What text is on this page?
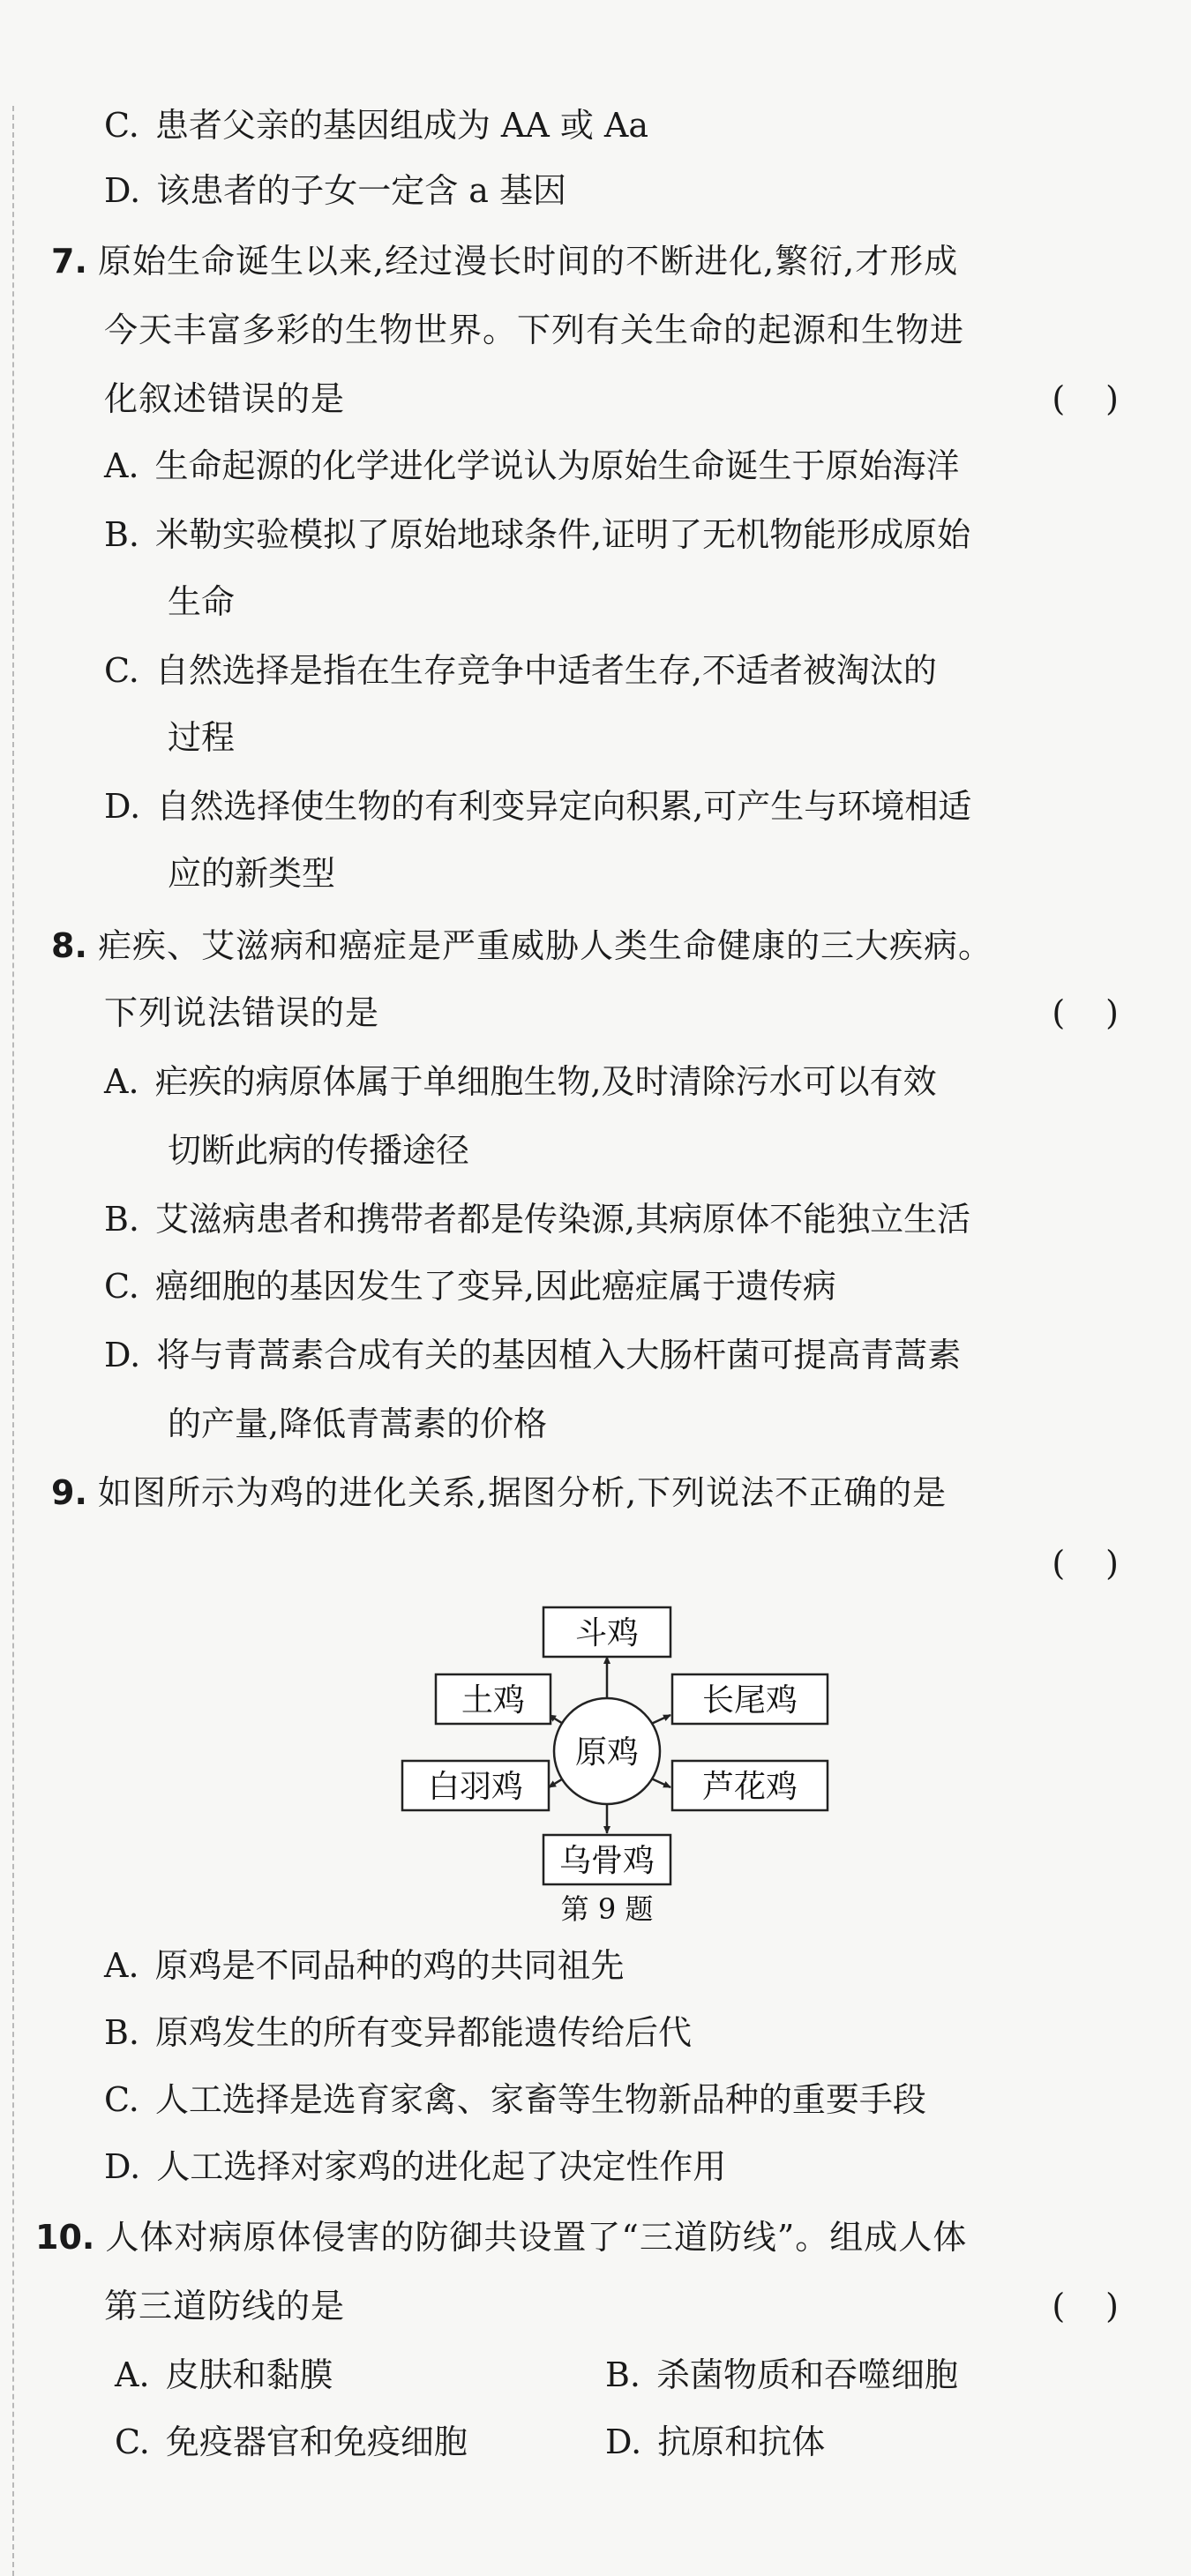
C. 患者父亲的基因组成为 AA 或 Aa
D. 该患者的子女一定含 a 基因
7. 原始生命诞生以来,经过漫长时间的不断进化,繁衍,才形成
今天丰富多彩的生物世界。下列有关生命的起源和生物进
化叙述错误的是	()
A. 生命起源的化学进化学说认为原始生命诞生于原始海洋
B. 米勒实验模拟了原始地球条件,证明了无机物能形成原始
生命
C. 自然选择是指在生存竞争中适者生存,不适者被淘汰的
过程
D. 自然选择使生物的有利变异定向积累,可产生与环境相适
应的新类型
8. 疟疾、艾滋病和癌症是严重威胁人类生命健康的三大疾病。
下列说法错误的是	()
A. 疟疾的病原体属于单细胞生物,及时清除污水可以有效
切断此病的传播途径
B. 艾滋病患者和携带者都是传染源,其病原体不能独立生活
C. 癌细胞的基因发生了变异,因此癌症属于遗传病
D. 将与青蒿素合成有关的基因植入大肠杆菌可提高青蒿素
的产量,降低青蒿素的价格
9. 如图所示为鸡的进化关系,据图分析,下列说法不正确的是
()
原鸡
斗鸡
土鸡	长尾鸡
白羽鸡	芦花鸡
乌骨鸡
第 9 题
A. 原鸡是不同品种的鸡的共同祖先
B. 原鸡发生的所有变异都能遗传给后代
C. 人工选择是选育家禽、家畜等生物新品种的重要手段
D. 人工选择对家鸡的进化起了决定性作用
10. 人体对病原体侵害的防御共设置了“三道防线”。组成人体
第三道防线的是	()
A. 皮肤和黏膜	B. 杀菌物质和吞噬细胞
C. 免疫器官和免疫细胞	D. 抗原和抗体
